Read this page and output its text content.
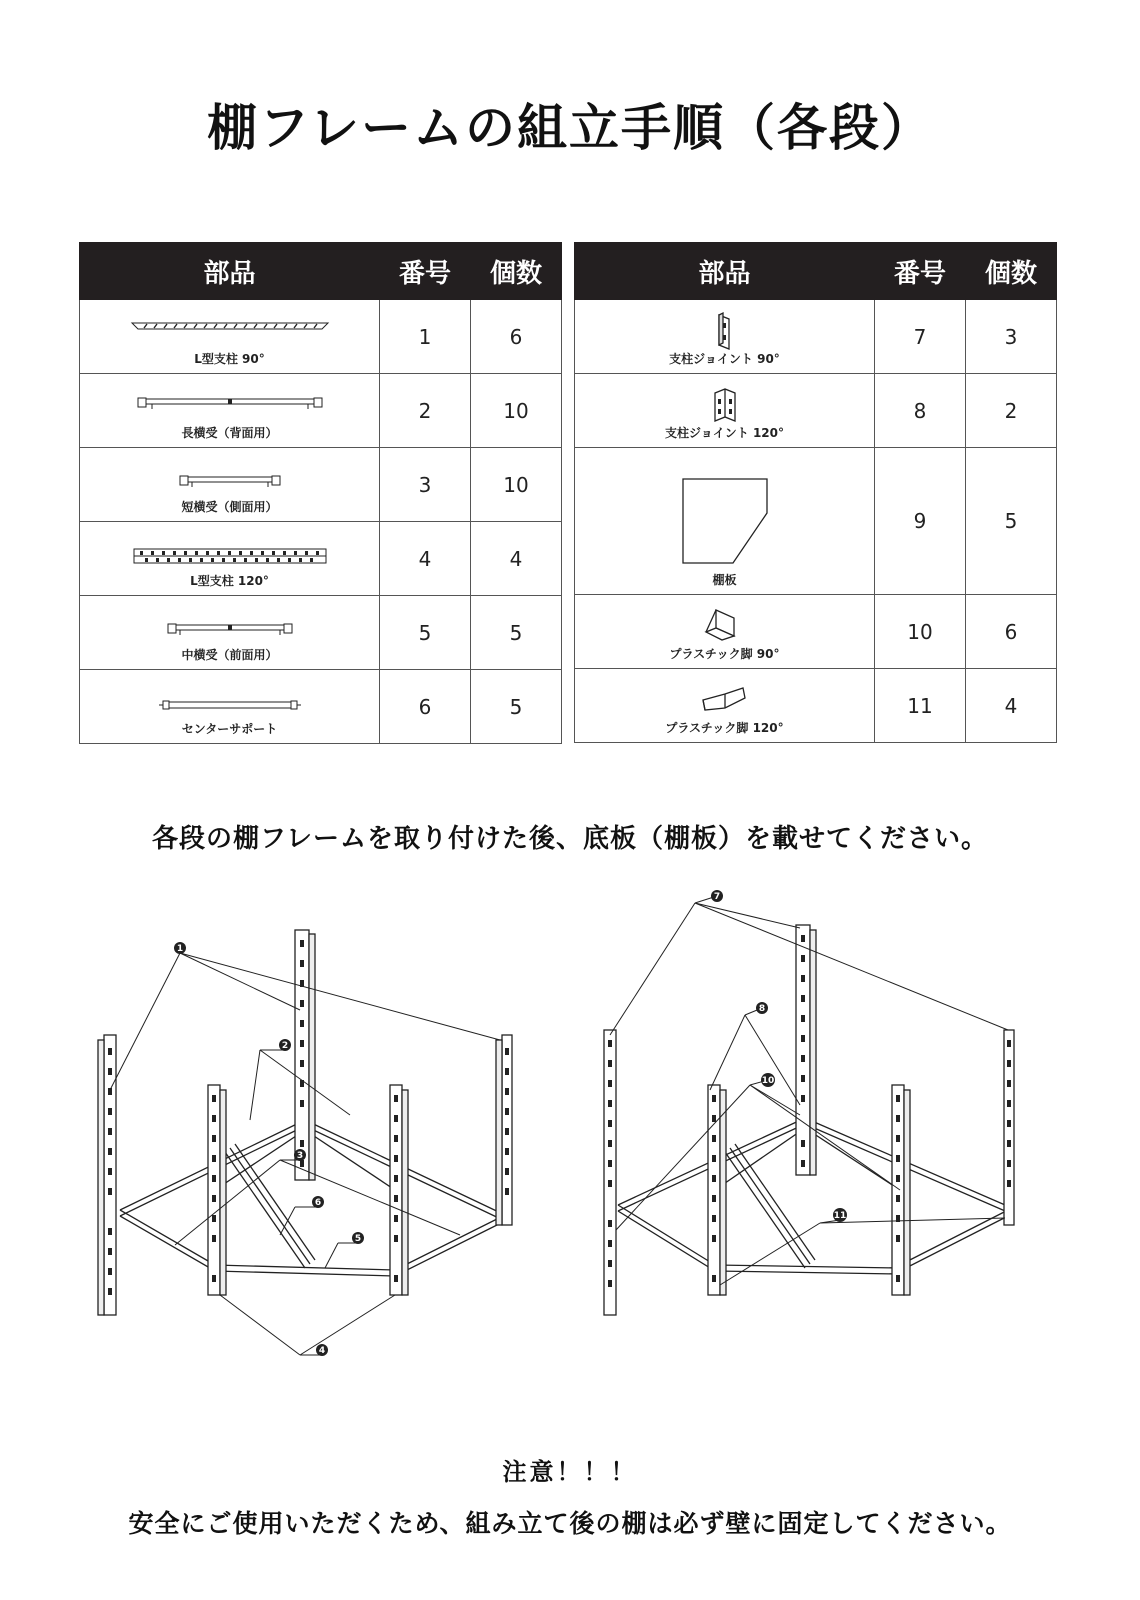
棚フレームの組立手順（各段）
部品	番号	個数

L型支柱 90°	1	6

長横受（背面用）	2	10

短横受（側面用）	3	10

L型支柱 120°	4	4

中横受（前面用）	5	5

センターサポート	6	5
部品	番号	個数

支柱ジョイント 90°	7	3

支柱ジョイント 120°	8	2

棚板	9	5

プラスチック脚 90°	10	6

プラスチック脚 120°	11	4
各段の棚フレームを取り付けた後、底板（棚板）を載せてください。
1
2
3
6
5
4
7
8
10
11
注意！！！
安全にご使用いただくため、組み立て後の棚は必ず壁に固定してください。
